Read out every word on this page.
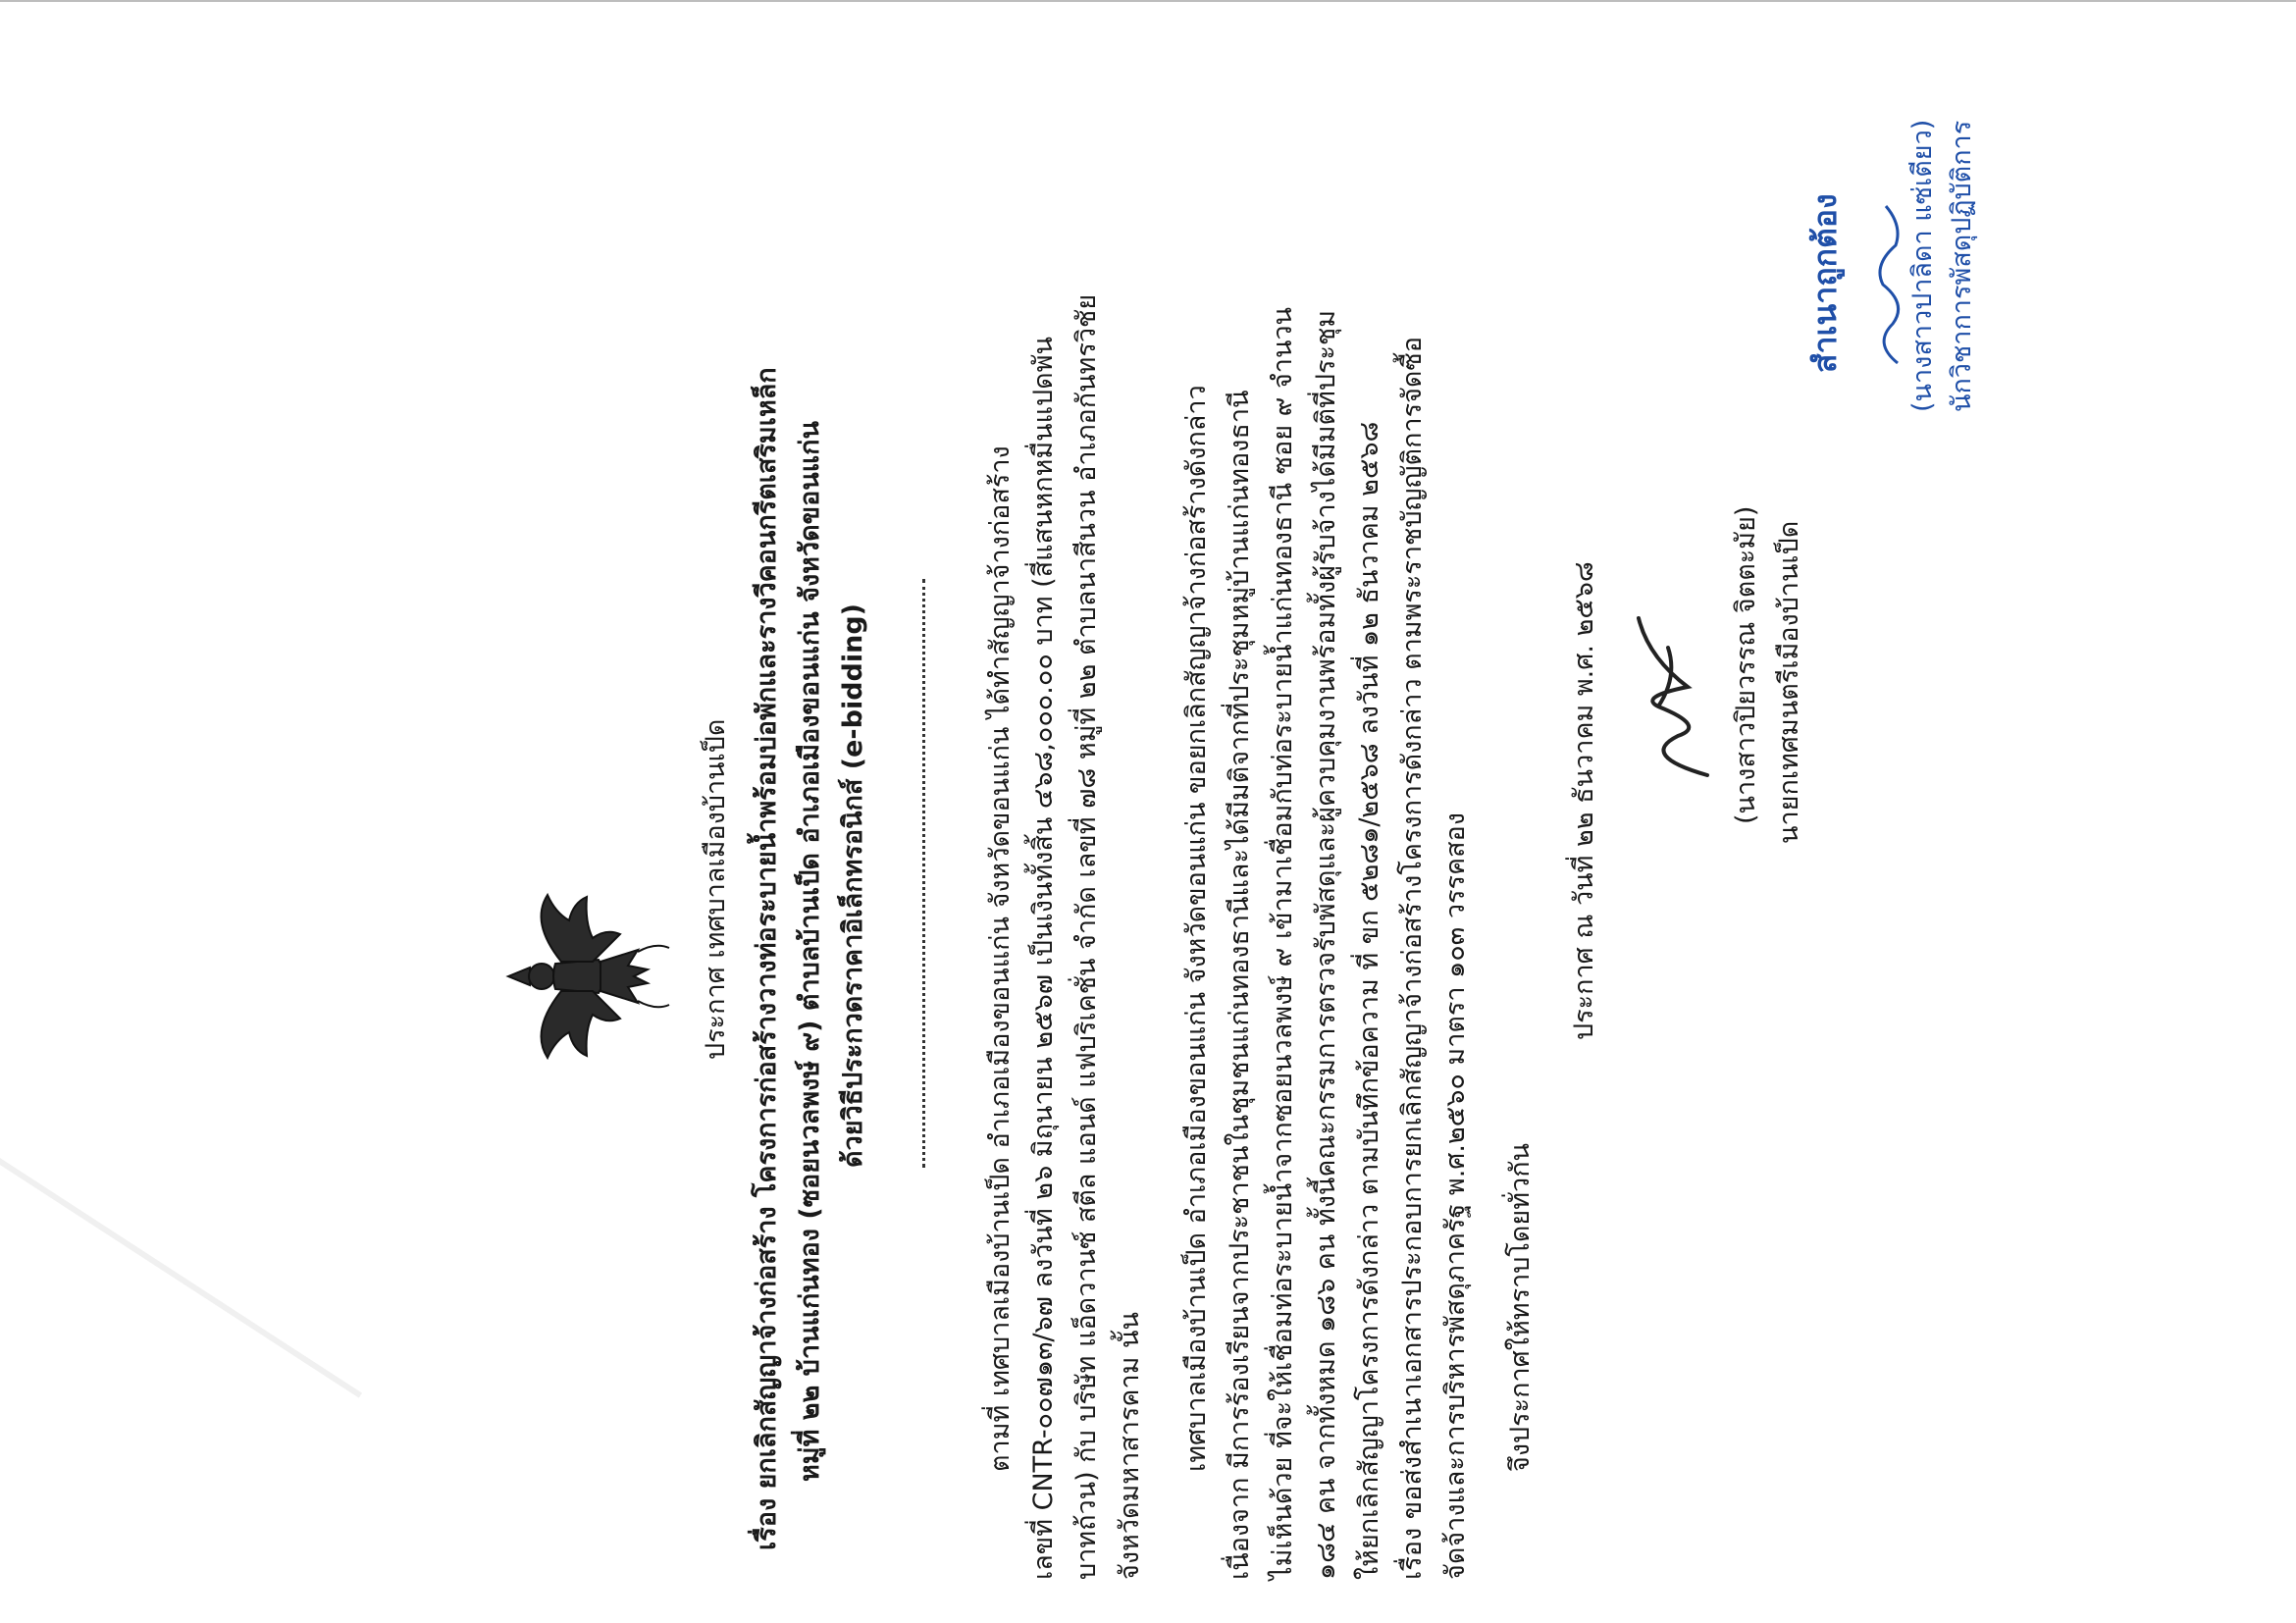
ประกาศ เทศบาลเมืองบ้านเป็ด เรื่อง ยกเลิกสัญญาจ้างก่อสร้าง โครงการก่อสร้างวางท่อระบายน้ำพร้อมบ่อพักและรางวีคอนกรีตเสริมเหล็ก หมู่ที่ ๒๒ บ้านแก่นทอง (ซอยนวลพงษ์ ๙) ตำบลบ้านเป็ด อำเภอเมืองขอนแก่น จังหวัดขอนแก่น ด้วยวิธีประกวดราคาอิเล็กทรอนิกส์ (e-bidding)	ตามที่ เทศบาลเมืองบ้านเป็ด อำเภอเมืองขอนแก่น จังหวัดขอนแก่น ได้ทำสัญญาจ้างก่อสร้าง เลขที่ CNTR-๐๐๗๑๓/๖๗ ลงวันที่ ๒๖ มิถุนายน ๒๕๖๗ เป็นเงินทั้งสิ้น ๔๖๘,๐๐๐.๐๐ บาท (สี่แสนหกหมื่นแปดพัน บาทถ้วน) กับ บริษัท แอ็ดวานซ์ สตีล แอนด์ แฟบริเคชั่น จำกัด เลขที่ ๗๘ หมู่ที่ ๒๒ ตำบลนาสีนวน อำเภอกันทรวิชัย จังหวัดมหาสารคาม นั้น เทศบาลเมืองบ้านเป็ด อำเภอเมืองขอนแก่น จังหวัดขอนแก่น ขอยกเลิกสัญญาจ้างก่อสร้างดังกล่าว เนื่องจาก มีการร้องเรียนจากประชาชนในชุมชนแก่นทองธานีและได้มีมติจากที่ประชุมหมู่บ้านแก่นทองธานี ไม่เห็นด้วย ที่จะให้เชื่อมท่อระบายน้ำจากซอยนวลพงษ์ ๙ เข้ามาเชื่อมกับท่อระบายน้ำแก่นทองธานี ซอย ๙ จำนวน ๑๘๔ คน จากทั้งหมด ๑๘๖ คน ทั้งนี้คณะกรรมการตรวจรับพัสดุและผู้ควบคุมงานพร้อมทั้งผู้รับจ้างได้มีมติที่ประชุม ให้ยกเลิกสัญญาโครงการดังกล่าว ตามบันทึกข้อความ ที่ ขก ๕๒๘๑/๒๕๖๘ ลงวันที่ ๑๒ ธันวาคม ๒๕๖๘ เรื่อง ขอส่งสำเนาเอกสารประกอบการยกเลิกสัญญาจ้างก่อสร้างโครงการดังกล่าว ตามพระราชบัญญัติการจัดซื้อ จัดจ้างและการบริหารพัสดุภาครัฐ พ.ศ.๒๕๖๐ มาตรา ๑๐๓ วรรคสอง จึงประกาศให้ทราบโดยทั่วกัน
ประกาศ ณ วันที่ ๒๒ ธันวาคม พ.ศ. ๒๕๖๘	(นางสาวปิยวรรณ จิตตะมัย) นายกเทศมนตรีเมืองบ้านเป็ด
สำเนาถูกต้อง (นางสาวปาลิดา แซ่เตียว) นักวิชาการพัสดุปฏิบัติการ
